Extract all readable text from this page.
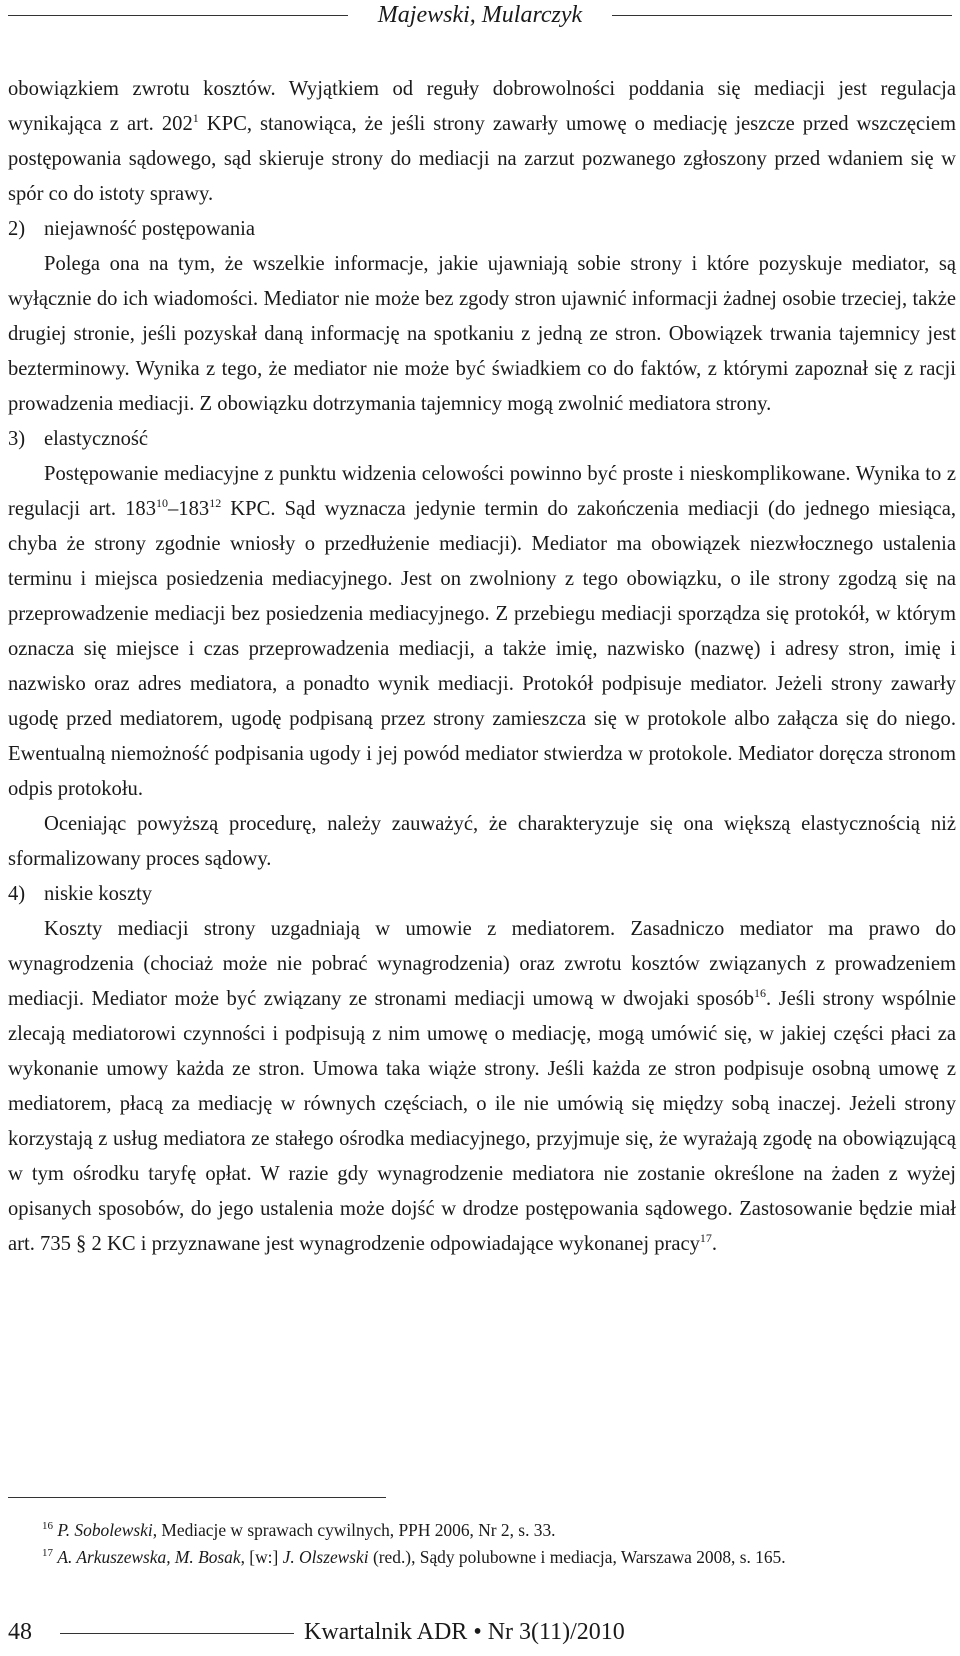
Majewski, Mularczyk

obowiązkiem zwrotu kosztów. Wyjątkiem od reguły dobrowolności poddania się mediacji jest regulacja wynikająca z art. $202^1$ KPC, stanowiąca, że jeśli strony zawarły umowę o mediację jeszcze przed wszczęciem postępowania sądowego, sąd skieruje strony do mediacji na zarzut pozwanego zgłoszony przed wdaniem się w spór co do istoty sprawy.

2) niejawność postępowania

Polega ona na tym, że wszelkie informacje, jakie ujawniają sobie strony i które pozyskuje mediator, są wyłącznie do ich wiadomości. Mediator nie może bez zgody stron ujawnić informacji żadnej osobie trzeciej, także drugiej stronie, jeśli pozyskał daną informację na spotkaniu z jedną ze stron. Obowiązek trwania tajemnicy jest bezterminowy. Wynika z tego, że mediator nie może być świadkiem co do faktów, z którymi zapoznał się z racji prowadzenia mediacji. Z obowiązku dotrzymania tajemnicy mogą zwolnić mediatora strony.

3) elastyczność

Postępowanie mediacyjne z punktu widzenia celowości powinno być proste i nieskomplikowane. Wynika to z regulacji art. $183^{10}-183^{12}$ KPC. Sąd wyznacza jedynie termin do zakończenia mediacji (do jednego miesiąca, chyba że strony zgodnie wniosły o przedłużenie mediacji). Mediator ma obowiązek niezwłocznego ustalenia terminu i miejsca posiedzenia mediacyjnego. Jest on zwolniony z tego obowiązku, o ile strony zgodzą się na przeprowadzenie mediacji bez posiedzenia mediacyjnego. Z przebiegu mediacji sporządza się protokół, w którym oznacza się miejsce i czas przeprowadzenia mediacji, a także imię, nazwisko (nazwę) i adresy stron, imię i nazwisko oraz adres mediatora, a ponadto wynik mediacji. Protokół podpisuje mediator. Jeżeli strony zawarły ugodę przed mediatorem, ugodę podpisaną przez strony zamieszcza się w protokole albo załącza się do niego. Ewentualną niemożność podpisania ugody i jej powód mediator stwierdza w protokole. Mediator doręcza stronom odpis protokołu.

Oceniając powyższą procedurę, należy zauważyć, że charakteryzuje się ona większą elastycznością niż sformalizowany proces sądowy.

4) niskie koszty

Koszty mediacji strony uzgadniają w umowie z mediatorem. Zasadniczo mediator ma prawo do wynagrodzenia (chociaż może nie pobrać wynagrodzenia) oraz zwrotu kosztów związanych z prowadzeniem mediacji. Mediator może być związany ze stronami mediacji umową w dwojaki sposób$^{16}$. Jeśli strony wspólnie zlecają mediatorowi czynności i podpisują z nim umowę o mediację, mogą umówić się, w jakiej części płaci za wykonanie umowy każda ze stron. Umowa taka wiąże strony. Jeśli każda ze stron podpisuje osobną umowę z mediatorem, płacą za mediację w równych częściach, o ile nie umówią się między sobą inaczej. Jeżeli strony korzystają z usług mediatora ze stałego ośrodka mediacyjnego, przyjmuje się, że wyrażają zgodę na obowiązującą w tym ośrodku taryfę opłat. W razie gdy wynagrodzenie mediatora nie zostanie określone na żaden z wyżej opisanych sposobów, do jego ustalenia może dojść w drodze postępowania sądowego. Zastosowanie będzie miał art. 735 § 2 KC i przyznawane jest wynagrodzenie odpowiadające wykonanej pracy$^{17}$.

$^{16}$ P. Sobolewski, Mediacje w sprawach cywilnych, PPH 2006, Nr 2, s. 33.

$^{17}$ A. Arkuszewska, M. Bosak, [w:] J. Olszewski (red.), Sądy polubowne i mediacja, Warszawa 2008, s. 165.

48	Kwartalnik ADR • Nr 3(11)/2010
